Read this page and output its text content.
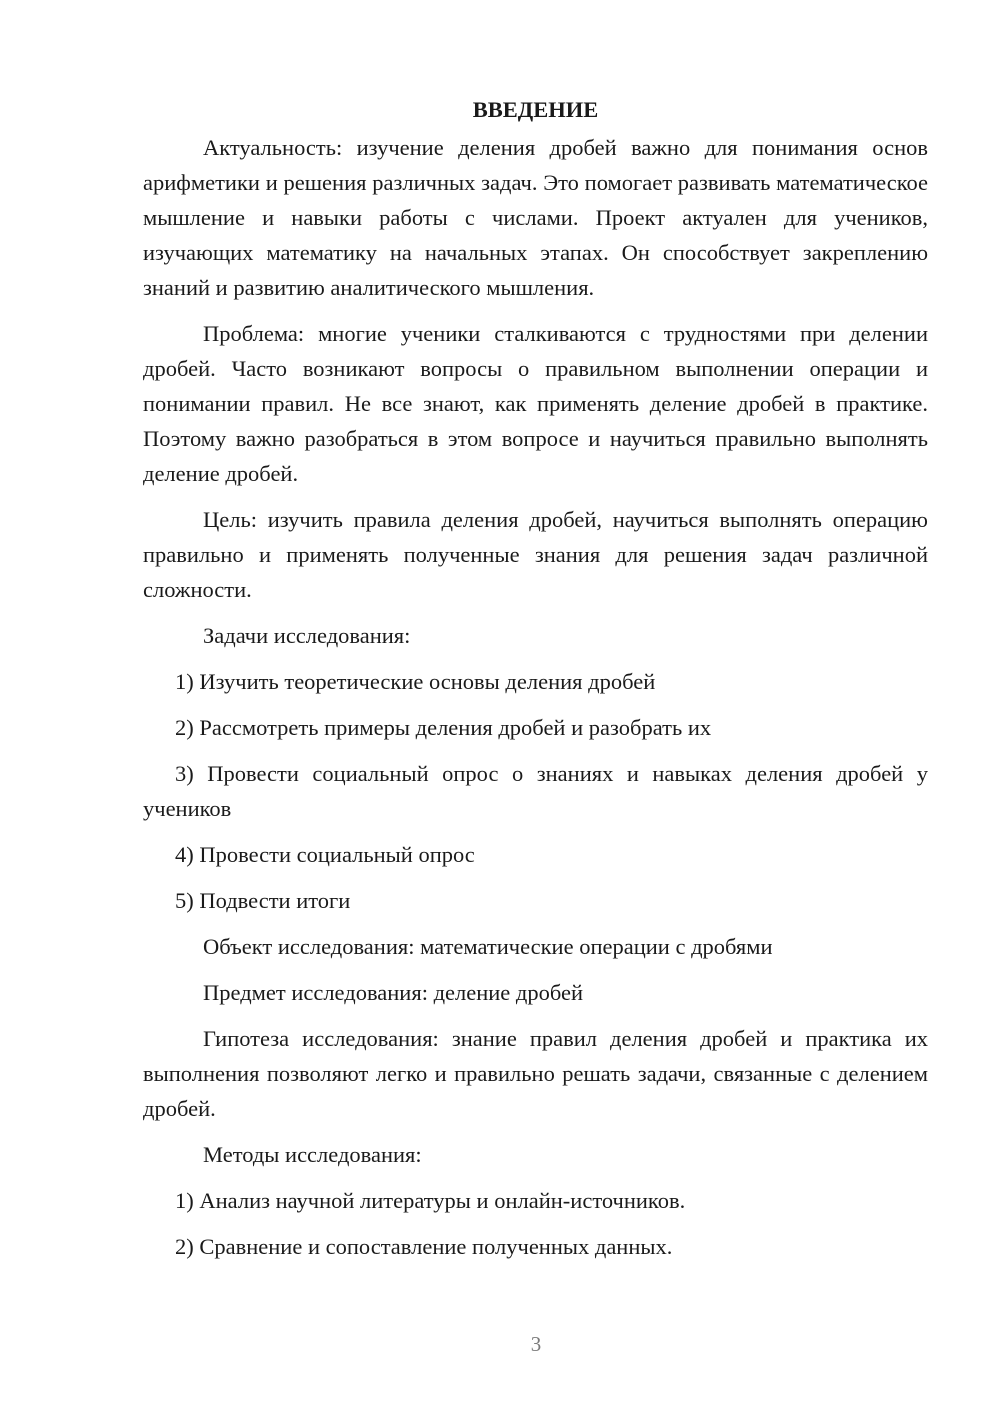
ВВЕДЕНИЕ

Актуальность: изучение деления дробей важно для понимания основ арифметики и решения различных задач. Это помогает развивать математическое мышление и навыки работы с числами. Проект актуален для учеников, изучающих математику на начальных этапах. Он способствует закреплению знаний и развитию аналитического мышления.

Проблема: многие ученики сталкиваются с трудностями при делении дробей. Часто возникают вопросы о правильном выполнении операции и понимании правил. Не все знают, как применять деление дробей в практике. Поэтому важно разобраться в этом вопросе и научиться правильно выполнять деление дробей.

Цель: изучить правила деления дробей, научиться выполнять операцию правильно и применять полученные знания для решения задач различной сложности.

Задачи исследования:

1) Изучить теоретические основы деления дробей

2) Рассмотреть примеры деления дробей и разобрать их

3) Провести социальный опрос о знаниях и навыках деления дробей у учеников

4) Провести социальный опрос

5) Подвести итоги

Объект исследования: математические операции с дробями

Предмет исследования: деление дробей

Гипотеза исследования: знание правил деления дробей и практика их выполнения позволяют легко и правильно решать задачи, связанные с делением дробей.

Методы исследования:

1) Анализ научной литературы и онлайн-источников.

2) Сравнение и сопоставление полученных данных.

3
